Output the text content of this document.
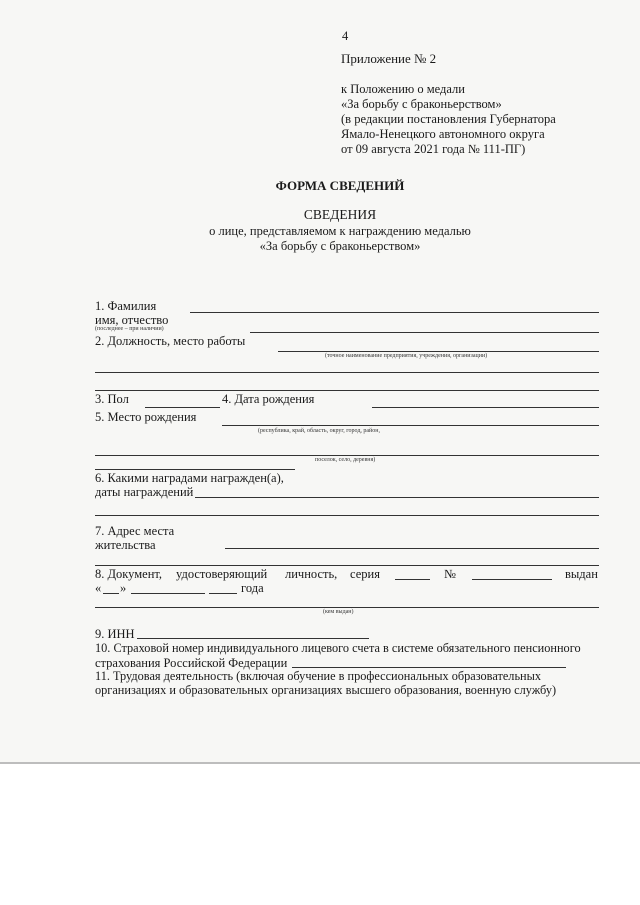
4
Приложение № 2
к Положению о медали
«За борьбу с браконьерством»
(в редакции постановления Губернатора
Ямало-Ненецкого автономного округа
от 09 августа 2021 года № 111-ПГ)
ФОРМА СВЕДЕНИЙ
СВЕДЕНИЯ
о лице, представляемом к награждению медалью
«За борьбу с браконьерством»
1. Фамилия
имя, отчество
(последнее – при наличии)
2. Должность, место работы
(точное наименование предприятия, учреждения, организации)
3. Пол	4. Дата рождения
5. Место рождения
(республика, край, область, округ, город, район,
поселок, село, деревня)
6. Какими наградами награжден(а),
даты награждений
7. Адрес места
жительства
8. Документ, удостоверяющий личность, серия	№	выдан
« »	года
(кем выдан)
9. ИНН
10. Страховой номер индивидуального лицевого счета в системе обязательного пенсионного
страхования Российской Федерации
11. Трудовая деятельность (включая обучение в профессиональных образовательных
организациях и образовательных организациях высшего образования, военную службу)
